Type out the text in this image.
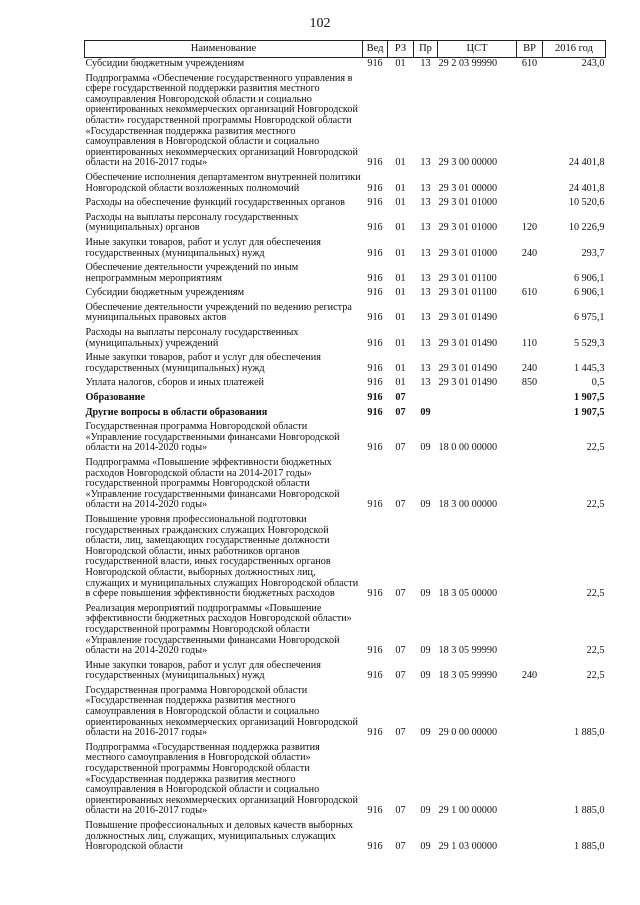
102
Наименование	Вед	РЗ	Пр	ЦСТ	ВР	2016 год
Субсидии бюджетным учреждениям	916	01	13	29 2 03 99990	610	243,0
Подпрограмма «Обеспечение государственного управления в сфере государственной поддержки развития местного самоуправления Новгородской области и социально ориентированных некоммерческих организаций Новгородской области» государственной программы Новгородской области «Государственная поддержка развития местного самоуправления в Новгородской области и социально ориентированных некоммерческих организаций Новгородской области на 2016-2017 годы»	916	01	13	29 3 00 00000		24 401,8
Обеспечение исполнения департаментом внутренней политики Новгородской области возложенных полномочий	916	01	13	29 3 01 00000		24 401,8
Расходы на обеспечение функций государственных органов	916	01	13	29 3 01 01000		10 520,6
Расходы на выплаты персоналу государственных (муниципальных) органов	916	01	13	29 3 01 01000	120	10 226,9
Иные закупки товаров, работ и услуг для обеспечения государственных (муниципальных) нужд	916	01	13	29 3 01 01000	240	293,7
Обеспечение деятельности учреждений по иным непрограммным мероприятиям	916	01	13	29 3 01 01100		6 906,1
Субсидии бюджетным учреждениям	916	01	13	29 3 01 01100	610	6 906,1
Обеспечение деятельности учреждений по ведению регистра муниципальных правовых актов	916	01	13	29 3 01 01490		6 975,1
Расходы на выплаты персоналу государственных (муниципальных) учреждений	916	01	13	29 3 01 01490	110	5 529,3
Иные закупки товаров, работ и услуг для обеспечения государственных (муниципальных) нужд	916	01	13	29 3 01 01490	240	1 445,3
Уплата налогов, сборов и иных платежей	916	01	13	29 3 01 01490	850	0,5
Образование	916	07				1 907,5
Другие вопросы в области образования	916	07	09			1 907,5
Государственная программа Новгородской области «Управление государственными финансами Новгородской области на 2014-2020 годы»	916	07	09	18 0 00 00000		22,5
Подпрограмма «Повышение эффективности бюджетных расходов Новгородской области на 2014-2017 годы» государственной программы Новгородской области «Управление государственными финансами Новгородской области на 2014-2020 годы»	916	07	09	18 3 00 00000		22,5
Повышение уровня профессиональной подготовки государственных гражданских служащих Новгородской области, лиц, замещающих государственные должности Новгородской области, иных работников органов государственной власти, иных государственных органов Новгородской области, выборных должностных лиц, служащих и муниципальных служащих Новгородской области в сфере повышения эффективности бюджетных расходов	916	07	09	18 3 05 00000		22,5
Реализация мероприятий подпрограммы «Повышение эффективности бюджетных расходов Новгородской области» государственной программы Новгородской области «Управление государственными финансами Новгородской области на 2014-2020 годы»	916	07	09	18 3 05 99990		22,5
Иные закупки товаров, работ и услуг для обеспечения государственных (муниципальных) нужд	916	07	09	18 3 05 99990	240	22,5
Государственная программа Новгородской области «Государственная поддержка развития местного самоуправления в Новгородской области и социально ориентированных некоммерческих организаций Новгородской области на 2016-2017 годы»	916	07	09	29 0 00 00000		1 885,0
Подпрограмма «Государственная поддержка развития местного самоуправления в Новгородской области» государственной программы Новгородской области «Государственная поддержка развития местного самоуправления в Новгородской области и социально ориентированных некоммерческих организаций Новгородской области на 2016-2017 годы»	916	07	09	29 1 00 00000		1 885,0
Повышение профессиональных и деловых качеств выборных должностных лиц, служащих, муниципальных служащих Новгородской области	916	07	09	29 1 03 00000		1 885,0
